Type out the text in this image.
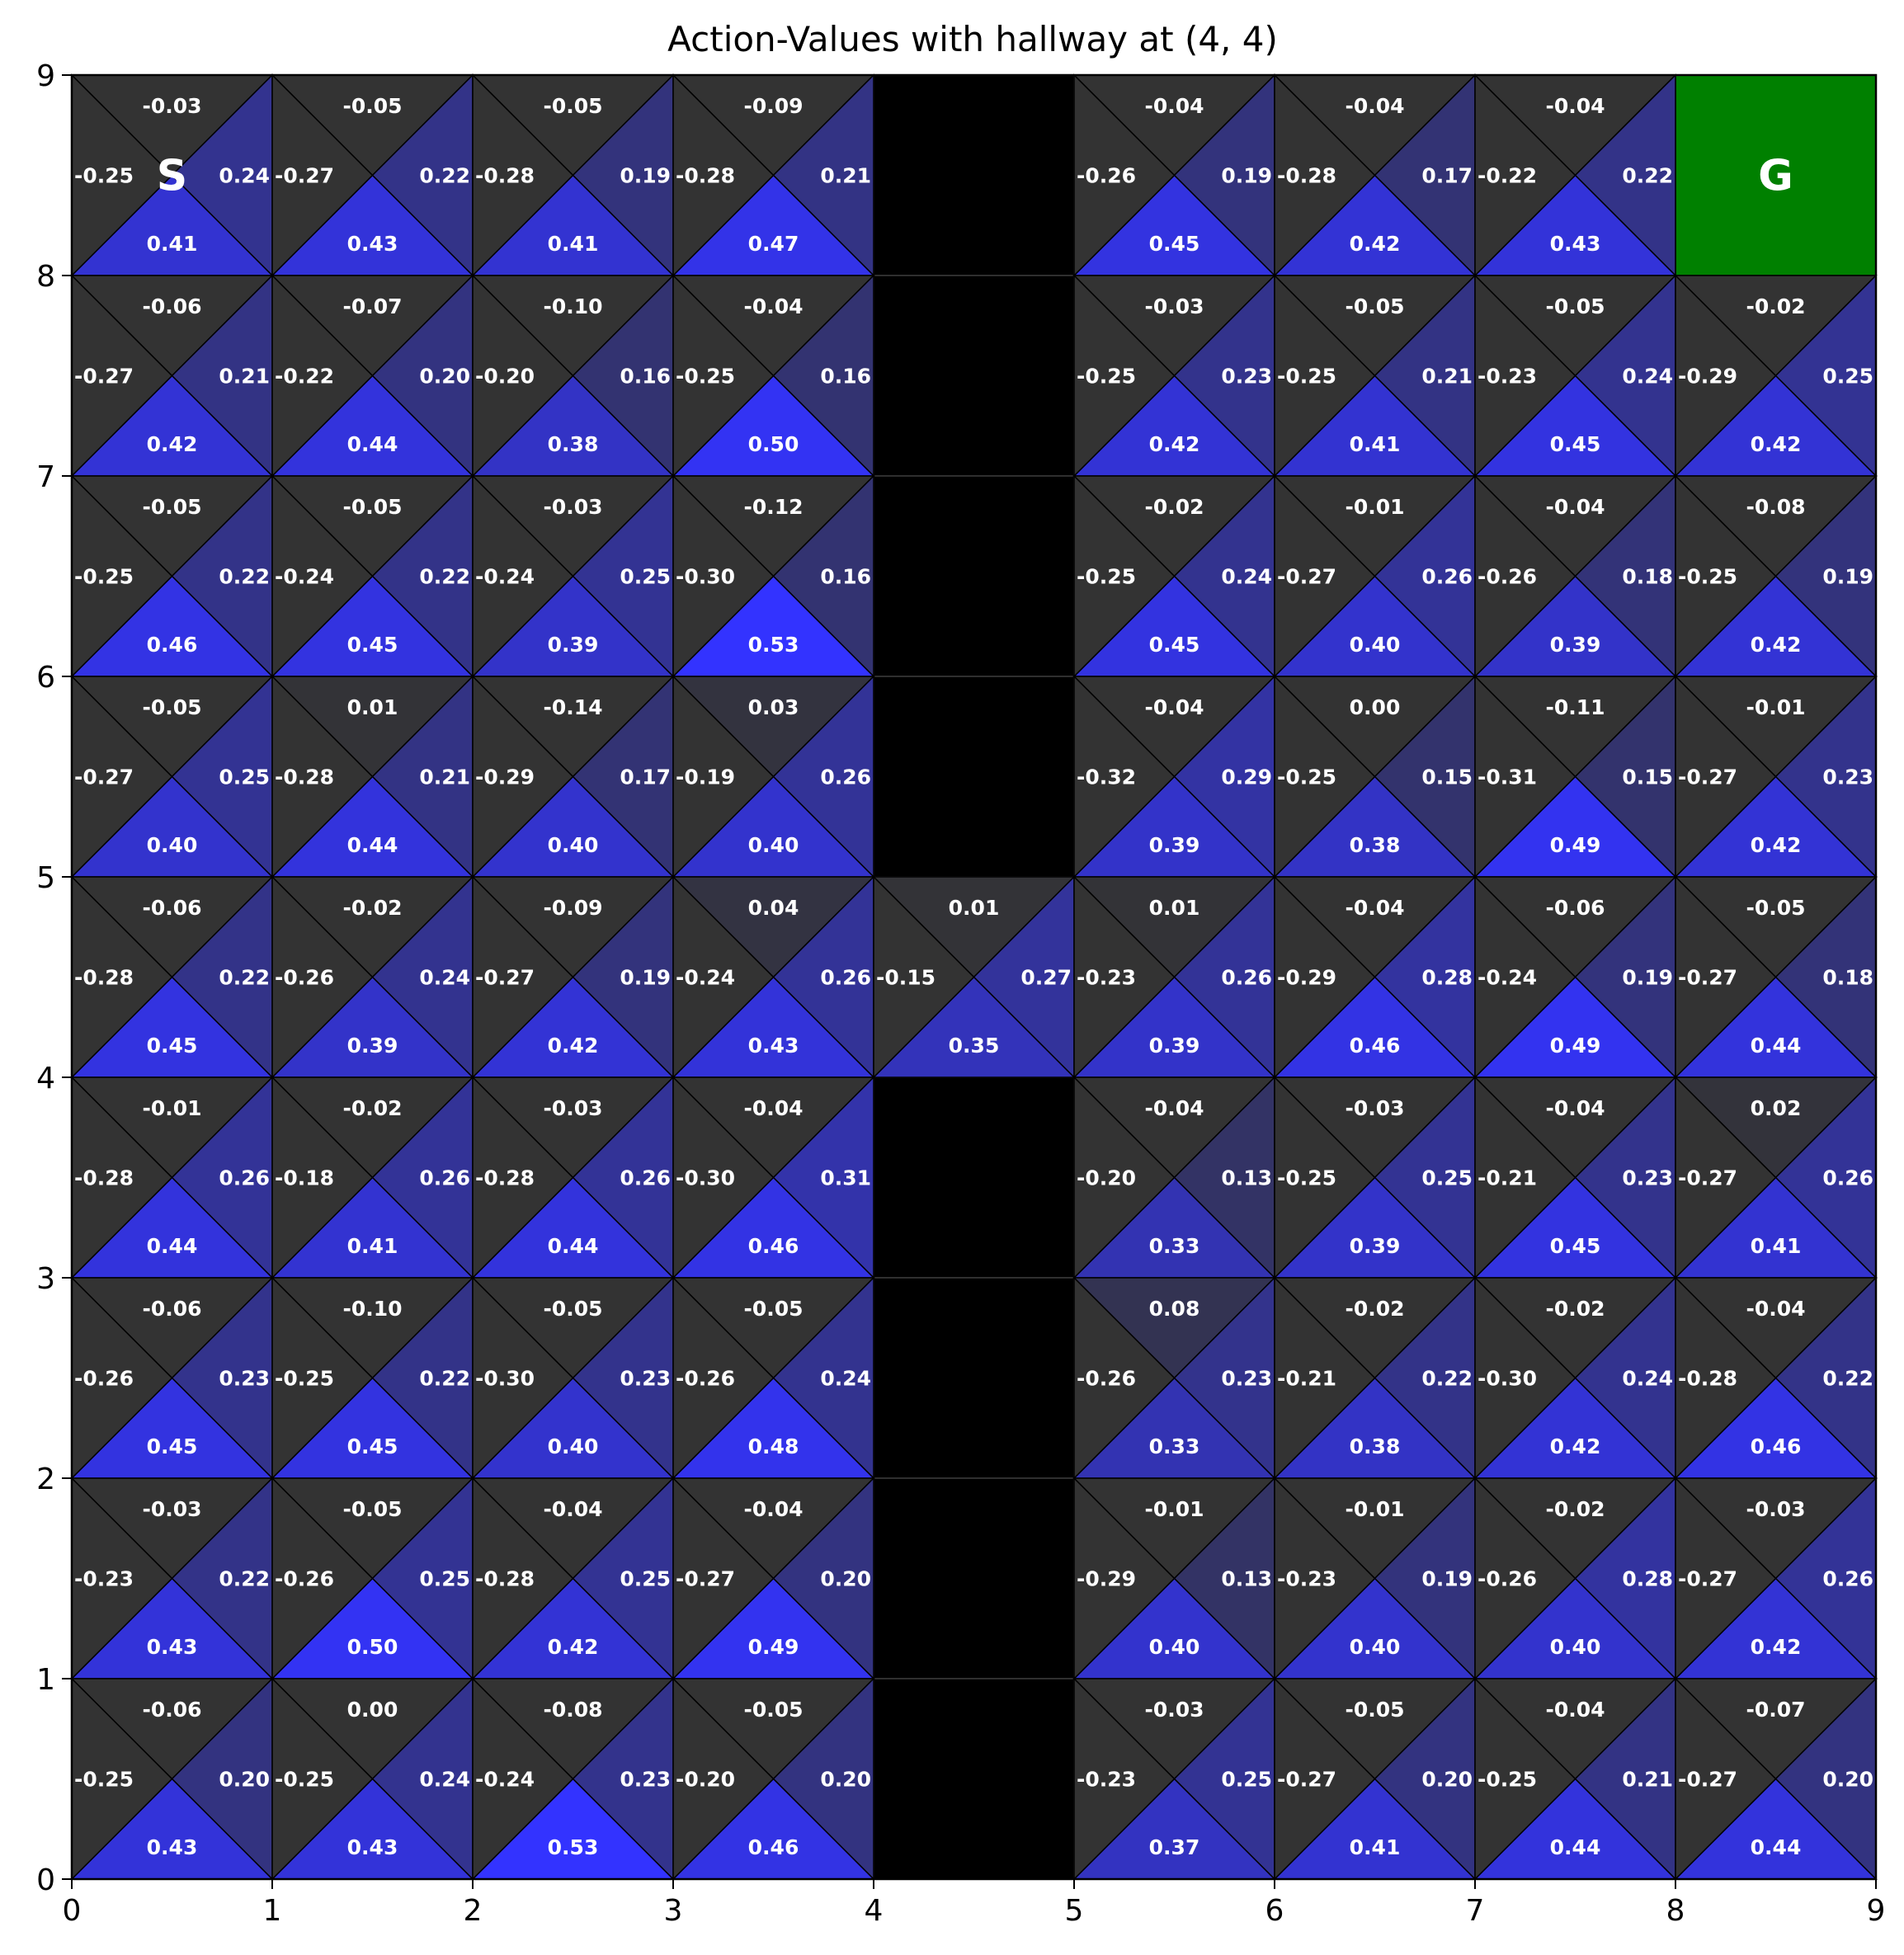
Action-Values with hallway at (4, 4)
G
-0.03
0.41
-0.25	0.24
-0.05
0.43
-0.27	0.22
-0.05
0.41
-0.28	0.19
-0.09
0.47
-0.28	0.21
-0.04
0.45
-0.26	0.19
-0.04
0.42
-0.28	0.17
-0.04
0.43
-0.22	0.22
-0.06
0.42
-0.27	0.21
-0.07
0.44
-0.22	0.20
-0.10
0.38
-0.20	0.16
-0.04
0.50
-0.25	0.16
-0.03
0.42
-0.25	0.23
-0.05
0.41
-0.25	0.21
-0.05
0.45
-0.23	0.24
-0.02
0.42
-0.29	0.25
-0.05
0.46
-0.25	0.22
-0.05
0.45
-0.24	0.22
-0.03
0.39
-0.24	0.25
-0.12
0.53
-0.30	0.16
-0.02
0.45
-0.25	0.24
-0.01
0.40
-0.27	0.26
-0.04
0.39
-0.26	0.18
-0.08
0.42
-0.25	0.19
-0.05
0.40
-0.27	0.25
0.01
0.44
-0.28	0.21
-0.14
0.40
-0.29	0.17
0.03
0.40
-0.19	0.26
-0.04
0.39
-0.32	0.29
0.00
0.38
-0.25	0.15
-0.11
0.49
-0.31	0.15
-0.01
0.42
-0.27	0.23
-0.06
0.45
-0.28	0.22
-0.02
0.39
-0.26	0.24
-0.09
0.42
-0.27	0.19
0.04
0.43
-0.24	0.26
0.01
0.35
-0.15	0.27
0.01
0.39
-0.23	0.26
-0.04
0.46
-0.29	0.28
-0.06
0.49
-0.24	0.19
-0.05
0.44
-0.27	0.18
-0.01
0.44
-0.28	0.26
-0.02
0.41
-0.18	0.26
-0.03
0.44
-0.28	0.26
-0.04
0.46
-0.30	0.31
-0.04
0.33
-0.20	0.13
-0.03
0.39
-0.25	0.25
-0.04
0.45
-0.21	0.23
0.02
0.41
-0.27	0.26
-0.06
0.45
-0.26	0.23
-0.10
0.45
-0.25	0.22
-0.05
0.40
-0.30	0.23
-0.05
0.48
-0.26	0.24
0.08
0.33
-0.26	0.23
-0.02
0.38
-0.21	0.22
-0.02
0.42
-0.30	0.24
-0.04
0.46
-0.28	0.22
-0.03
0.43
-0.23	0.22
-0.05
0.50
-0.26	0.25
-0.04
0.42
-0.28	0.25
-0.04
0.49
-0.27	0.20
-0.01
0.40
-0.29	0.13
-0.01
0.40
-0.23	0.19
-0.02
0.40
-0.26	0.28
-0.03
0.42
-0.27	0.26
-0.06
0.43
-0.25	0.20
0.00
0.43
-0.25	0.24
-0.08
0.53
-0.24	0.23
-0.05
0.46
-0.20	0.20
-0.03
0.37
-0.23	0.25
-0.05
0.41
-0.27	0.20
-0.04
0.44
-0.25	0.21
-0.07
0.44
-0.27	0.20
S
0	1	2	3	4	5	6	7	8	9
0
1
2
3
4
5
6
7
8
9
